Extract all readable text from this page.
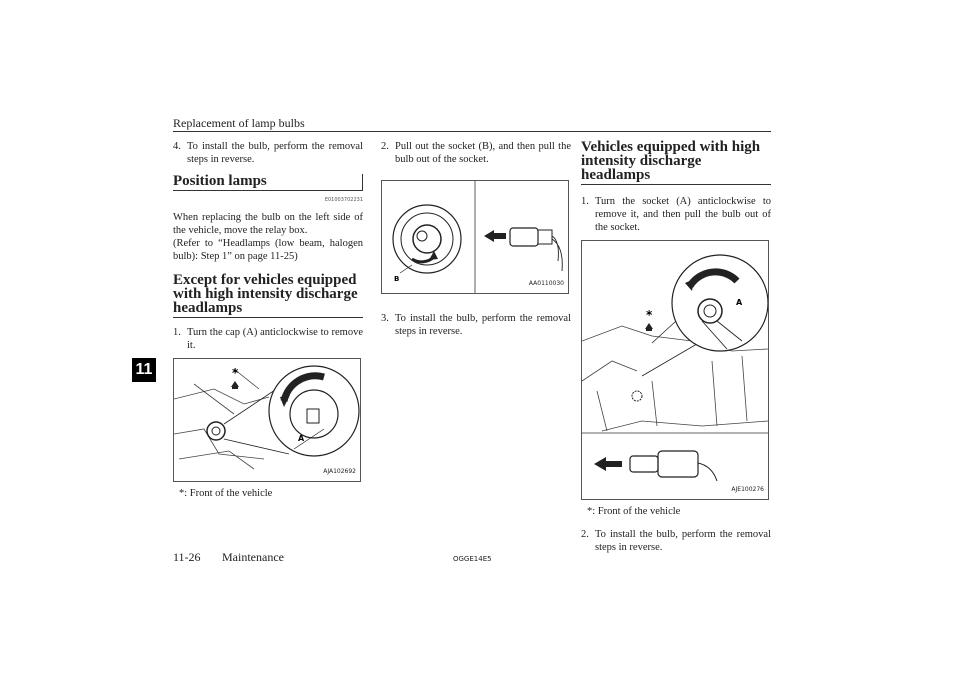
Replacement of lamp bulbs
11
4. To install the bulb, perform the removal steps in reverse.
Position lamps
E01003702231
When replacing the bulb on the left side of the vehicle, move the relay box.
(Refer to “Headlamps (low beam, halogen bulb): Step 1” on page 11-25)
Except for vehicles equipped with high intensity discharge headlamps
1. Turn the cap (A) anticlockwise to remove it.
A
*
AJA102692
*: Front of the vehicle
2. Pull out the socket (B), and then pull the bulb out of the socket.
B
AA0110030
3. To install the bulb, perform the removal steps in reverse.
Vehicles equipped with high intensity discharge headlamps
1. Turn the socket (A) anticlockwise to remove it, and then pull the bulb out of the socket.
A
*
AJE100276
*: Front of the vehicle
2. To install the bulb, perform the removal steps in reverse.
11-26 Maintenance	OGGE14E5
